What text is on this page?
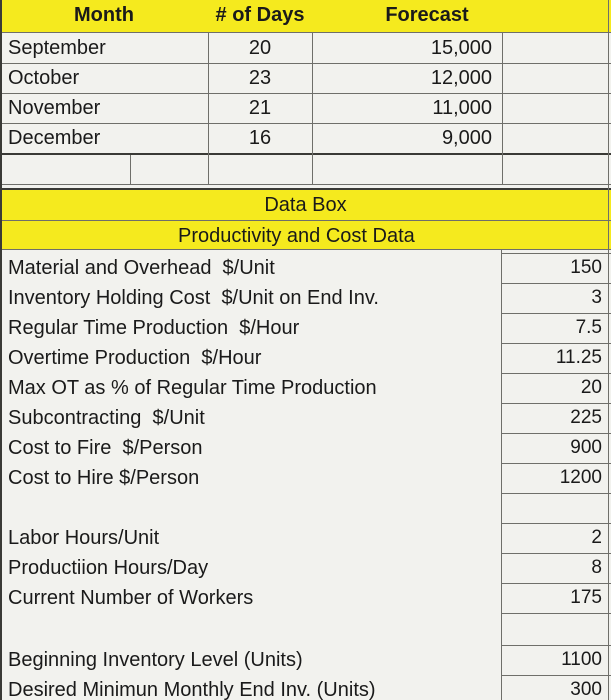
Month	# of Days	Forecast
September	20	15,000
October	23	12,000
November	21	11,000
December	16	9,000
Data Box
Productivity and Cost Data
Material and Overhead  $/Unit	150
Inventory Holding Cost  $/Unit on End Inv.	3
Regular Time Production  $/Hour	7.5
Overtime Production  $/Hour	11.25
Max OT as % of Regular Time Production	20
Subcontracting  $/Unit	225
Cost to Fire  $/Person	900
Cost to Hire $/Person	1200
Labor Hours/Unit	2
Productiion Hours/Day	8
Current Number of Workers	175
Beginning Inventory Level (Units)	1100
Desired Minimun Monthly End Inv. (Units)	300
